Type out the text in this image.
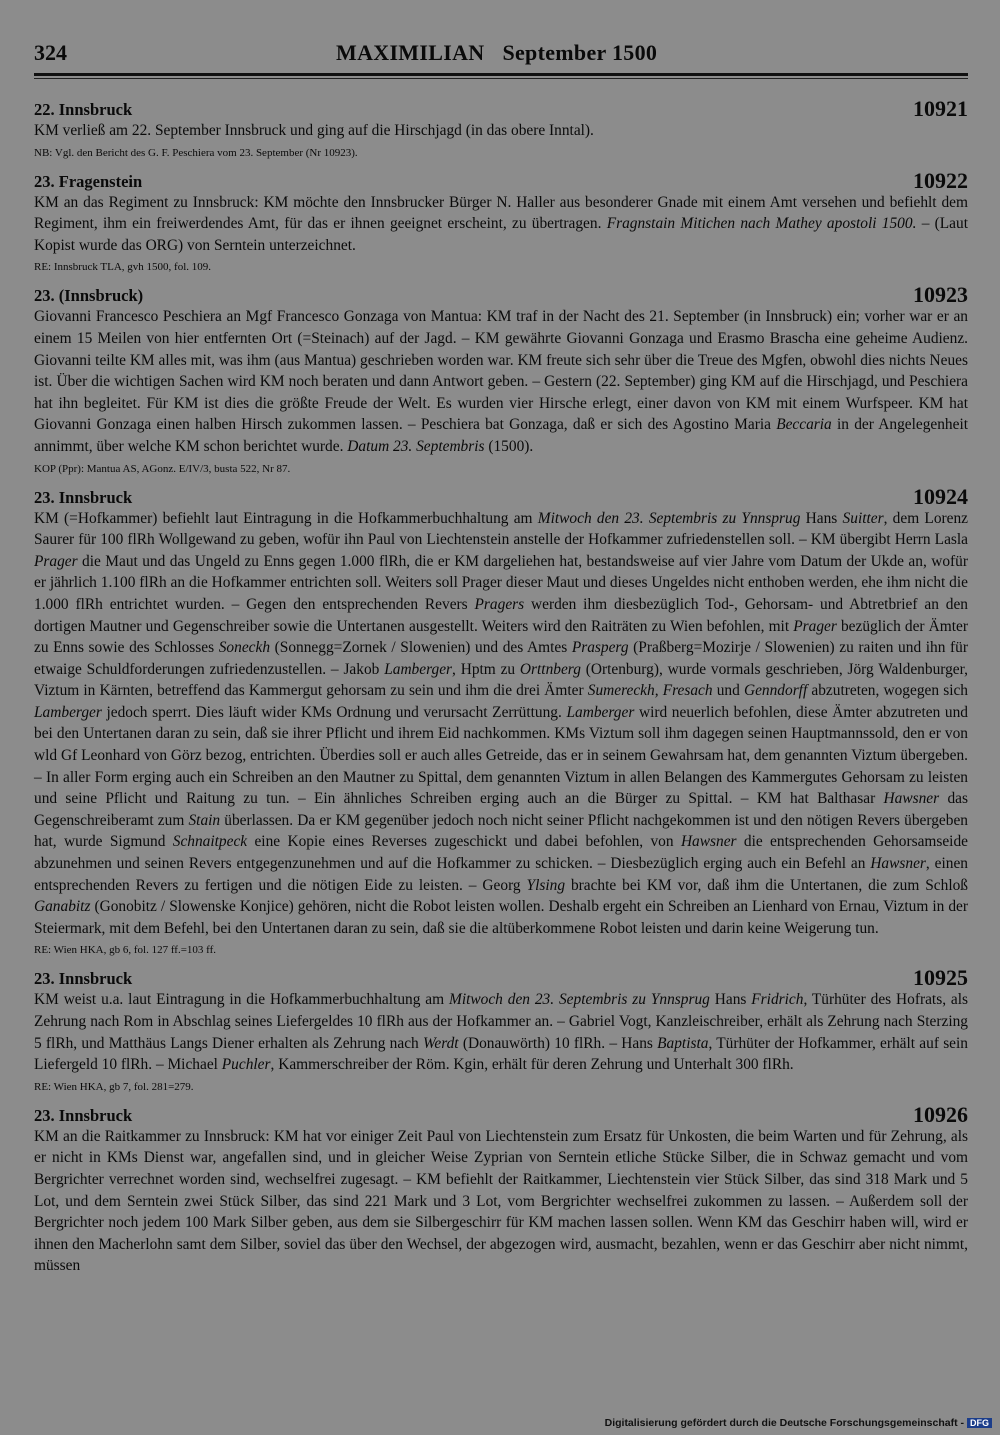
324	MAXIMILIAN September 1500
22. Innsbruck	10921

KM verließ am 22. September Innsbruck und ging auf die Hirschjagd (in das obere Inntal).

NB: Vgl. den Bericht des G. F. Peschiera vom 23. September (Nr 10923).
23. Fragenstein	10922

KM an das Regiment zu Innsbruck: KM möchte den Innsbrucker Bürger N. Haller aus besonderer Gnade mit einem Amt versehen und befiehlt dem Regiment, ihm ein freiwerdendes Amt, für das er ihnen geeignet erscheint, zu übertragen. Fragnstain Mitichen nach Mathey apostoli 1500. – (Laut Kopist wurde das ORG) von Serntein unterzeichnet.

RE: Innsbruck TLA, gvh 1500, fol. 109.
23. (Innsbruck)	10923

Giovanni Francesco Peschiera an Mgf Francesco Gonzaga von Mantua: KM traf in der Nacht des 21. September (in Innsbruck) ein; vorher war er an einem 15 Meilen von hier entfernten Ort (=Steinach) auf der Jagd. – KM gewährte Giovanni Gonzaga und Erasmo Brascha eine geheime Audienz. Giovanni teilte KM alles mit, was ihm (aus Mantua) geschrieben worden war. KM freute sich sehr über die Treue des Mgfen, obwohl dies nichts Neues ist. Über die wichtigen Sachen wird KM noch beraten und dann Antwort geben. – Gestern (22. September) ging KM auf die Hirschjagd, und Peschiera hat ihn begleitet. Für KM ist dies die größte Freude der Welt. Es wurden vier Hirsche erlegt, einer davon von KM mit einem Wurfspeer. KM hat Giovanni Gonzaga einen halben Hirsch zukommen lassen. – Peschiera bat Gonzaga, daß er sich des Agostino Maria Beccaria in der Angelegenheit annimmt, über welche KM schon berichtet wurde. Datum 23. Septembris (1500).

KOP (Ppr): Mantua AS, AGonz. E/IV/3, busta 522, Nr 87.
23. Innsbruck	10924

KM (=Hofkammer) befiehlt laut Eintragung in die Hofkammerbuchhaltung am Mitwoch den 23. Septembris zu Ynnsprug Hans Suitter, dem Lorenz Saurer für 100 flRh Wollgewand zu geben, wofür ihn Paul von Liechtenstein anstelle der Hofkammer zufriedenstellen soll. – KM übergibt Herrn Lasla Prager die Maut und das Ungeld zu Enns gegen 1.000 flRh, die er KM dargeliehen hat, bestandsweise auf vier Jahre vom Datum der Ukde an, wofür er jährlich 1.100 flRh an die Hofkammer entrichten soll. Weiters soll Prager dieser Maut und dieses Ungeldes nicht enthoben werden, ehe ihm nicht die 1.000 flRh entrichtet wurden. – Gegen den entsprechenden Revers Pragers werden ihm diesbezüglich Tod-, Gehorsam- und Abtretbrief an den dortigen Mautner und Gegenschreiber sowie die Untertanen ausgestellt. Weiters wird den Raiträten zu Wien befohlen, mit Prager bezüglich der Ämter zu Enns sowie des Schlosses Soneckh (Sonnegg=Zornek / Slowenien) und des Amtes Prasperg (Praßberg=Mozirje / Slowenien) zu raiten und ihn für etwaige Schuldforderungen zufriedenzustellen. – Jakob Lamberger, Hptm zu Orttnberg (Ortenburg), wurde vormals geschrieben, Jörg Waldenburger, Viztum in Kärnten, betreffend das Kammergut gehorsam zu sein und ihm die drei Ämter Sumereckh, Fresach und Genndorff abzutreten, wogegen sich Lamberger jedoch sperrt. Dies läuft wider KMs Ordnung und verursacht Zerrüttung. Lamberger wird neuerlich befohlen, diese Ämter abzutreten und bei den Untertanen daran zu sein, daß sie ihrer Pflicht und ihrem Eid nachkommen. KMs Viztum soll ihm dagegen seinen Hauptmannssold, den er von wld Gf Leonhard von Görz bezog, entrichten. Überdies soll er auch alles Getreide, das er in seinem Gewahrsam hat, dem genannten Viztum übergeben. – In aller Form erging auch ein Schreiben an den Mautner zu Spittal, dem genannten Viztum in allen Belangen des Kammergutes Gehorsam zu leisten und seine Pflicht und Raitung zu tun. – Ein ähnliches Schreiben erging auch an die Bürger zu Spittal. – KM hat Balthasar Hawsner das Gegenschreiberamt zum Stain überlassen. Da er KM gegenüber jedoch noch nicht seiner Pflicht nachgekommen ist und den nötigen Revers übergeben hat, wurde Sigmund Schnaitpeck eine Kopie eines Reverses zugeschickt und dabei befohlen, von Hawsner die entsprechenden Gehorsamseide abzunehmen und seinen Revers entgegenzunehmen und auf die Hofkammer zu schicken. – Diesbezüglich erging auch ein Befehl an Hawsner, einen entsprechenden Revers zu fertigen und die nötigen Eide zu leisten. – Georg Ylsing brachte bei KM vor, daß ihm die Untertanen, die zum Schloß Ganabitz (Gonobitz / Slowenske Konjice) gehören, nicht die Robot leisten wollen. Deshalb ergeht ein Schreiben an Lienhard von Ernau, Viztum in der Steiermark, mit dem Befehl, bei den Untertanen daran zu sein, daß sie die altüberkommene Robot leisten und darin keine Weigerung tun.

RE: Wien HKA, gb 6, fol. 127 ff.=103 ff.
23. Innsbruck	10925

KM weist u.a. laut Eintragung in die Hofkammerbuchhaltung am Mitwoch den 23. Septembris zu Ynnsprug Hans Fridrich, Türhüter des Hofrats, als Zehrung nach Rom in Abschlag seines Liefergeldes 10 flRh aus der Hofkammer an. – Gabriel Vogt, Kanzleischreiber, erhält als Zehrung nach Sterzing 5 flRh, und Matthäus Langs Diener erhalten als Zehrung nach Werdt (Donauwörth) 10 flRh. – Hans Baptista, Türhüter der Hofkammer, erhält auf sein Liefergeld 10 flRh. – Michael Puchler, Kammerschreiber der Röm. Kgin, erhält für deren Zehrung und Unterhalt 300 flRh.

RE: Wien HKA, gb 7, fol. 281=279.
23. Innsbruck	10926

KM an die Raitkammer zu Innsbruck: KM hat vor einiger Zeit Paul von Liechtenstein zum Ersatz für Unkosten, die beim Warten und für Zehrung, als er nicht in KMs Dienst war, angefallen sind, und in gleicher Weise Zyprian von Serntein etliche Stücke Silber, die in Schwaz gemacht und vom Bergrichter verrechnet worden sind, wechselfrei zugesagt. – KM befiehlt der Raitkammer, Liechtenstein vier Stück Silber, das sind 318 Mark und 5 Lot, und dem Serntein zwei Stück Silber, das sind 221 Mark und 3 Lot, vom Bergrichter wechselfrei zukommen zu lassen. – Außerdem soll der Bergrichter noch jedem 100 Mark Silber geben, aus dem sie Silbergeschirr für KM machen lassen sollen. Wenn KM das Geschirr haben will, wird er ihnen den Macherlohn samt dem Silber, soviel das über den Wechsel, der abgezogen wird, ausmacht, bezahlen, wenn er das Geschirr aber nicht nimmt, müssen

Digitalisierung gefördert durch die Deutsche Forschungsgemeinschaft - DFG
